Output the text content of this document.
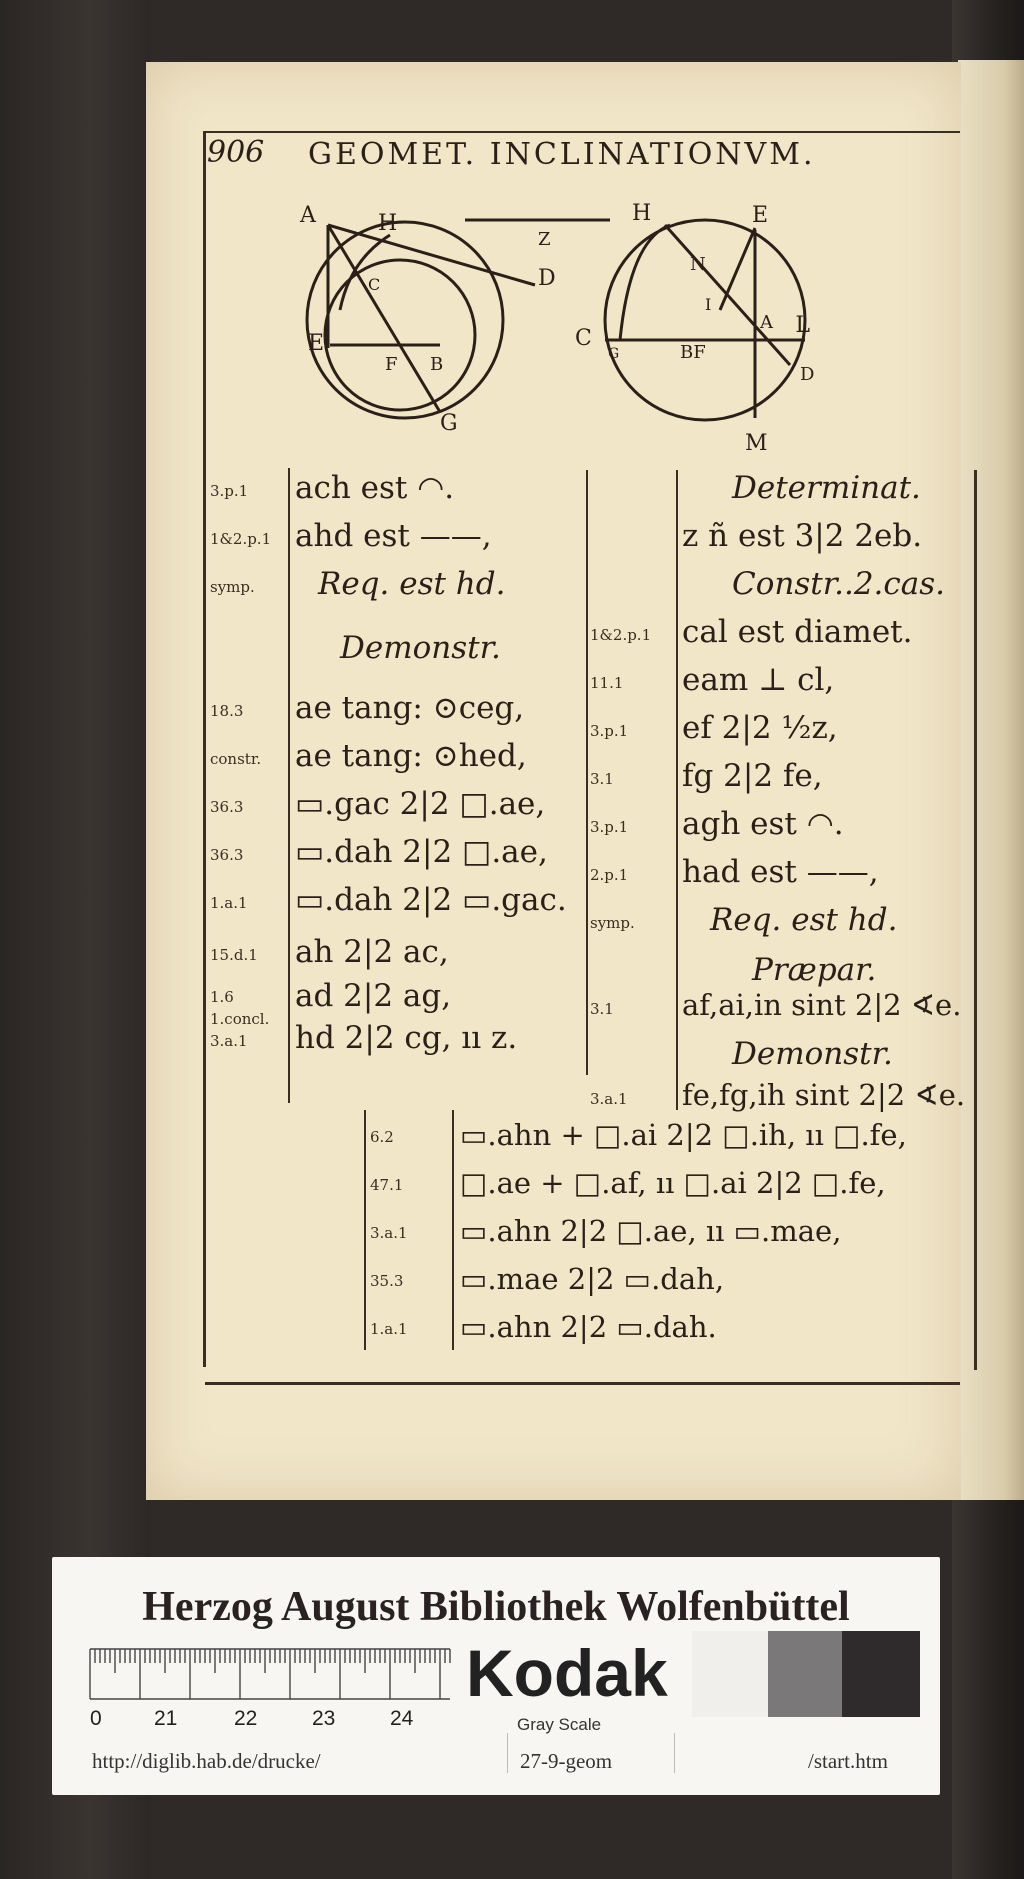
906 GEOMET. INCLINATIONVM.
A	H
C	D
E
F B
G
Z
H	E
N
I
A L
C
G	BF
D
M
3.p.1 ach est ◠.
1&2.p.1 ahd est ——,
symp. Req. est hd.
Demonstr.
18.3 ae tang: ⊙ceg,
constr. ae tang: ⊙hed,
36.3 ▭.gac 2|2 □.ae,
36.3 ▭.dah 2|2 □.ae,
1.a.1 ▭.dah 2|2 ▭.gac.
15.d.1 ah 2|2 ac,
1.6 ad 2|2 ag,
1.concl.
3.a.1 hd 2|2 cg, ıı z.
Determinat.
z ñ est 3|2 2eb.
Constr..2.cas.
1&2.p.1 cal est diamet.
11.1 eam ⊥ cl,
3.p.1 ef 2|2 ½z,
3.1 fg 2|2 fe,
3.p.1 agh est ◠.
2.p.1 had est ——,
symp. Req. est hd.
Præpar.
3.1 af,ai,in sint 2|2 ∢e.
Demonstr.
3.a.1 fe,fg,ih sint 2|2 ∢e.
6.2 ▭.ahn + □.ai 2|2 □.ih, ıı □.fe,
47.1 □.ae + □.af, ıı □.ai 2|2 □.fe,
3.a.1 ▭.ahn 2|2 □.ae, ıı ▭.mae,
35.3 ▭.mae 2|2 ▭.dah,
1.a.1 ▭.ahn 2|2 ▭.dah.
Herzog August Bibliothek Wolfenbüttel
0 21	22	23	24
Kodak
Gray Scale
http://diglib.hab.de/drucke/	27-9-geom	/start.htm
